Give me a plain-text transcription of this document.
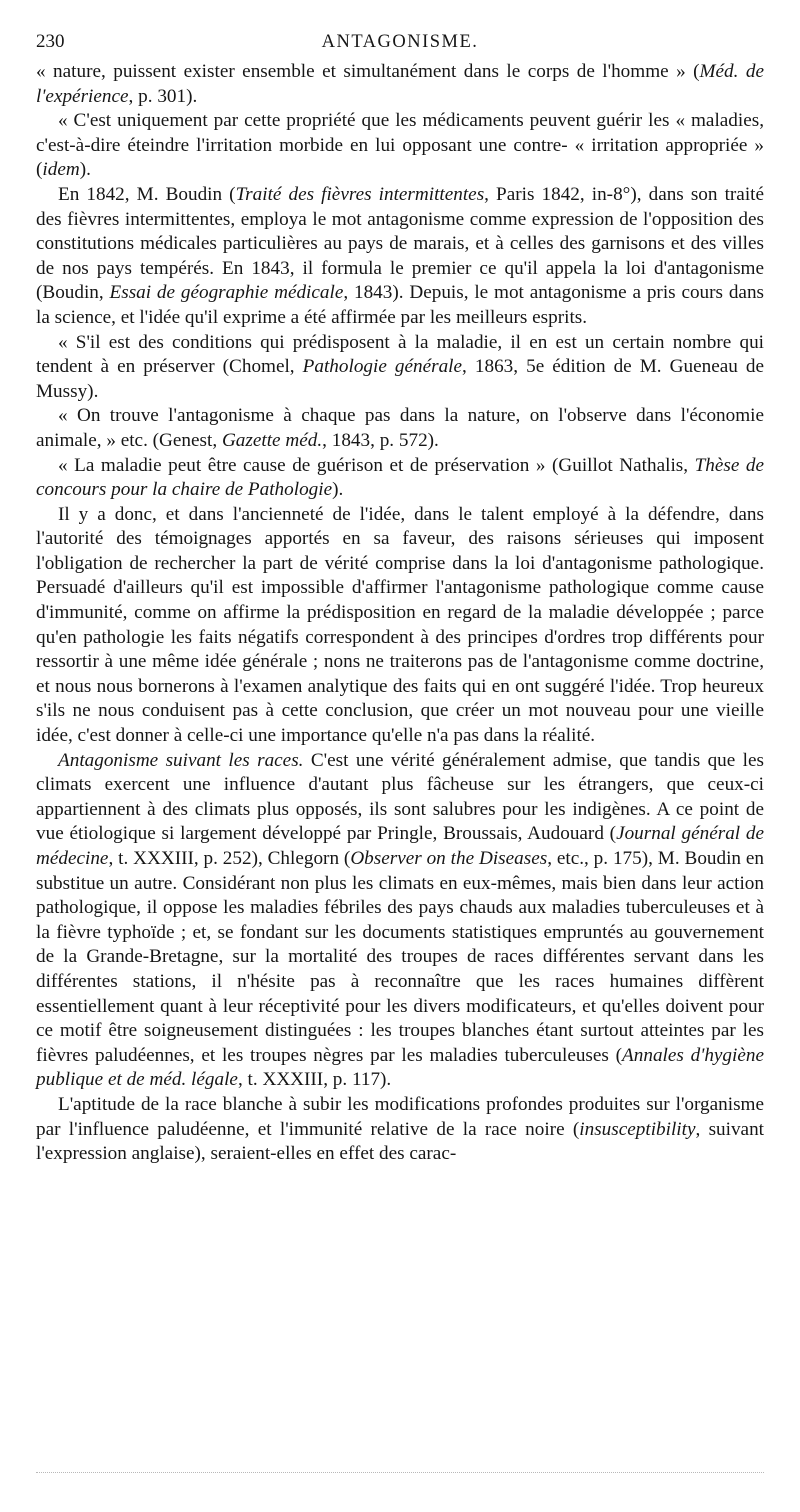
230	ANTAGONISME.

« nature, puissent exister ensemble et simultanément dans le corps de l'homme » (Méd. de l'expérience, p. 301).

« C'est uniquement par cette propriété que les médicaments peuvent guérir les « maladies, c'est-à-dire éteindre l'irritation morbide en lui opposant une contre- « irritation appropriée » (idem).

En 1842, M. Boudin (Traité des fièvres intermittentes, Paris 1842, in-8°), dans son traité des fièvres intermittentes, employa le mot antagonisme comme expression de l'opposition des constitutions médicales particulières au pays de marais, et à celles des garnisons et des villes de nos pays tempérés. En 1843, il formula le premier ce qu'il appela la loi d'antagonisme (Boudin, Essai de géographie médicale, 1843). Depuis, le mot antagonisme a pris cours dans la science, et l'idée qu'il exprime a été affirmée par les meilleurs esprits.

« S'il est des conditions qui prédisposent à la maladie, il en est un certain nombre qui tendent à en préserver (Chomel, Pathologie générale, 1863, 5e édition de M. Gueneau de Mussy).

« On trouve l'antagonisme à chaque pas dans la nature, on l'observe dans l'économie animale, » etc. (Genest, Gazette méd., 1843, p. 572).

« La maladie peut être cause de guérison et de préservation » (Guillot Nathalis, Thèse de concours pour la chaire de Pathologie).

Il y a donc, et dans l'ancienneté de l'idée, dans le talent employé à la défendre, dans l'autorité des témoignages apportés en sa faveur, des raisons sérieuses qui imposent l'obligation de rechercher la part de vérité comprise dans la loi d'antagonisme pathologique. Persuadé d'ailleurs qu'il est impossible d'affirmer l'antagonisme pathologique comme cause d'immunité, comme on affirme la prédisposition en regard de la maladie développée ; parce qu'en pathologie les faits négatifs correspondent à des principes d'ordres trop différents pour ressortir à une même idée générale ; nons ne traiterons pas de l'antagonisme comme doctrine, et nous nous bornerons à l'examen analytique des faits qui en ont suggéré l'idée. Trop heureux s'ils ne nous conduisent pas à cette conclusion, que créer un mot nouveau pour une vieille idée, c'est donner à celle-ci une importance qu'elle n'a pas dans la réalité.

Antagonisme suivant les races. C'est une vérité généralement admise, que tandis que les climats exercent une influence d'autant plus fâcheuse sur les étrangers, que ceux-ci appartiennent à des climats plus opposés, ils sont salubres pour les indigènes. A ce point de vue étiologique si largement développé par Pringle, Broussais, Audouard (Journal général de médecine, t. XXXIII, p. 252), Chlegorn (Observer on the Diseases, etc., p. 175), M. Boudin en substitue un autre. Considérant non plus les climats en eux-mêmes, mais bien dans leur action pathologique, il oppose les maladies fébriles des pays chauds aux maladies tuberculeuses et à la fièvre typhoïde ; et, se fondant sur les documents statistiques empruntés au gouvernement de la Grande-Bretagne, sur la mortalité des troupes de races différentes servant dans les différentes stations, il n'hésite pas à reconnaître que les races humaines diffèrent essentiellement quant à leur réceptivité pour les divers modificateurs, et qu'elles doivent pour ce motif être soigneusement distinguées : les troupes blanches étant surtout atteintes par les fièvres paludéennes, et les troupes nègres par les maladies tuberculeuses (Annales d'hygiène publique et de méd. légale, t. XXXIII, p. 117).

L'aptitude de la race blanche à subir les modifications profondes produites sur l'organisme par l'influence paludéenne, et l'immunité relative de la race noire (insusceptibility, suivant l'expression anglaise), seraient-elles en effet des carac-
